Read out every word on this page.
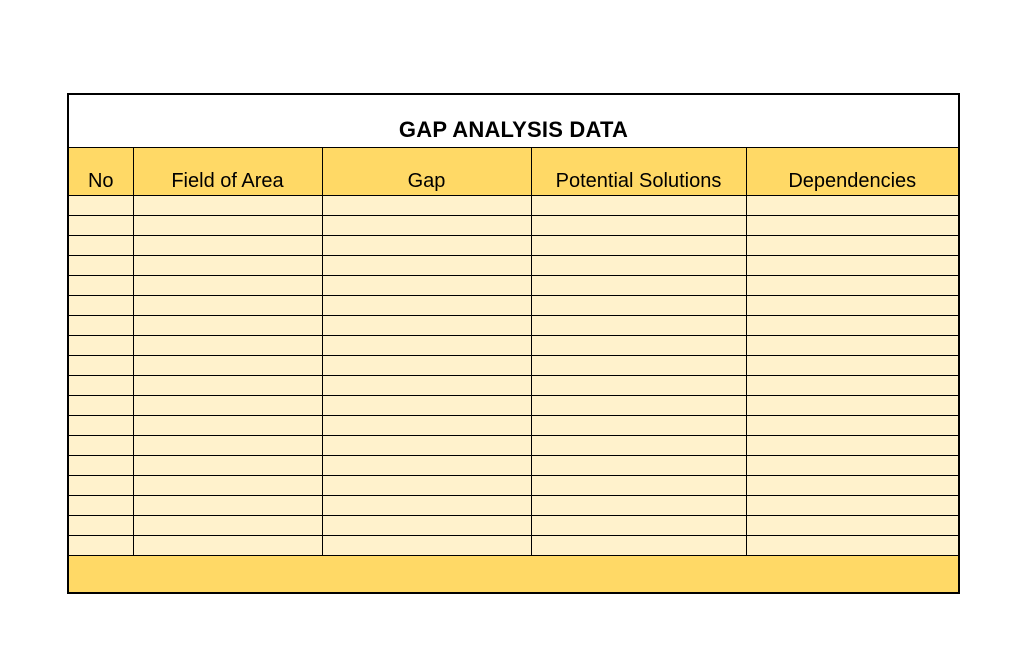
GAP ANALYSIS DATA
No	Field of Area	Gap	Potential Solutions	Dependencies
